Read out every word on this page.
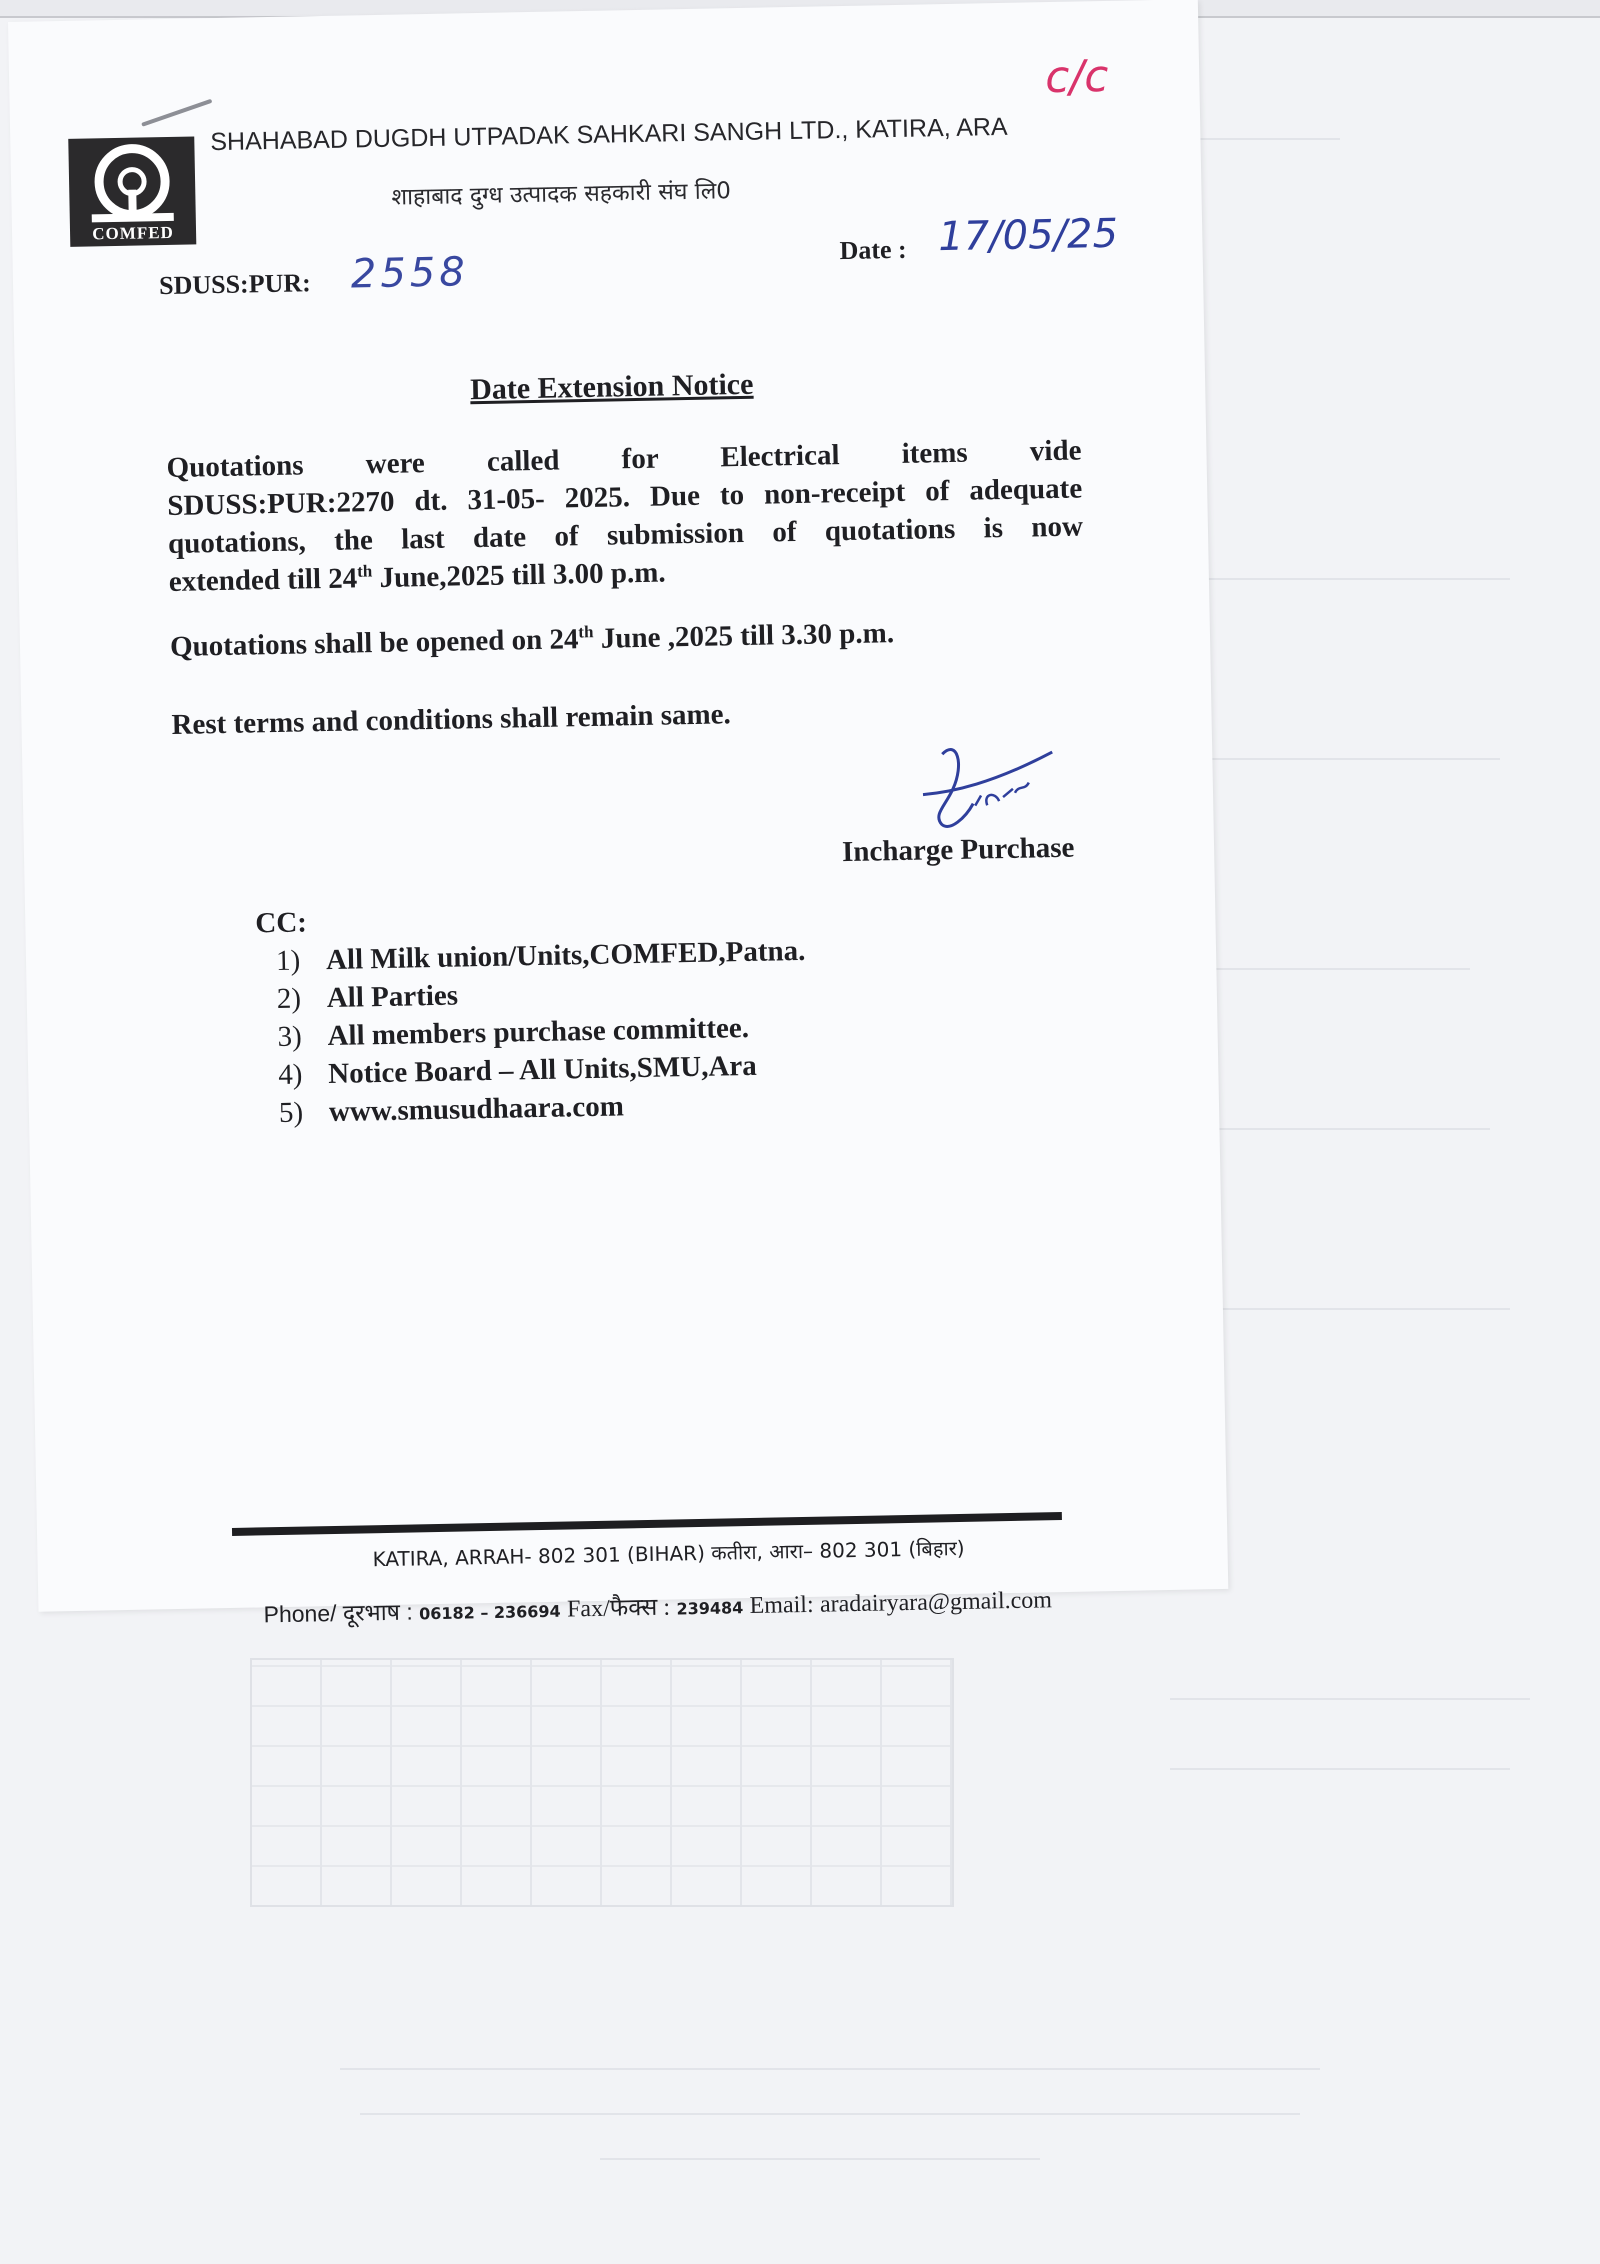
COMFED
SHAHABAD DUGDH UTPADAK SAHKARI SANGH LTD., KATIRA, ARA
शाहाबाद दुग्ध उत्पादक सहकारी संघ लि0
c/c
SDUSS:PUR: 2558	Date : 17/05/25
Date Extension Notice
Quotations were called for Electrical items vide
SDUSS:PUR:2270 dt. 31-05- 2025. Due to non-receipt of adequate
quotations, the last date of submission of quotations is now
extended till 24th June,2025 till 3.00 p.m.
Quotations shall be opened on 24th June ,2025 till 3.30 p.m.
Rest terms and conditions shall remain same.
Incharge Purchase
CC:
1) All Milk union/Units,COMFED,Patna.
2) All Parties
3) All members purchase committee.
4) Notice Board – All Units,SMU,Ara
5) www.smusudhaara.com
KATIRA, ARRAH- 802 301 (BIHAR) कतीरा, आरा– 802 301 (बिहार)
Phone/ दूरभाष : 06182 – 236694 Fax/फैक्स : 239484 Email: aradairyara@gmail.com
